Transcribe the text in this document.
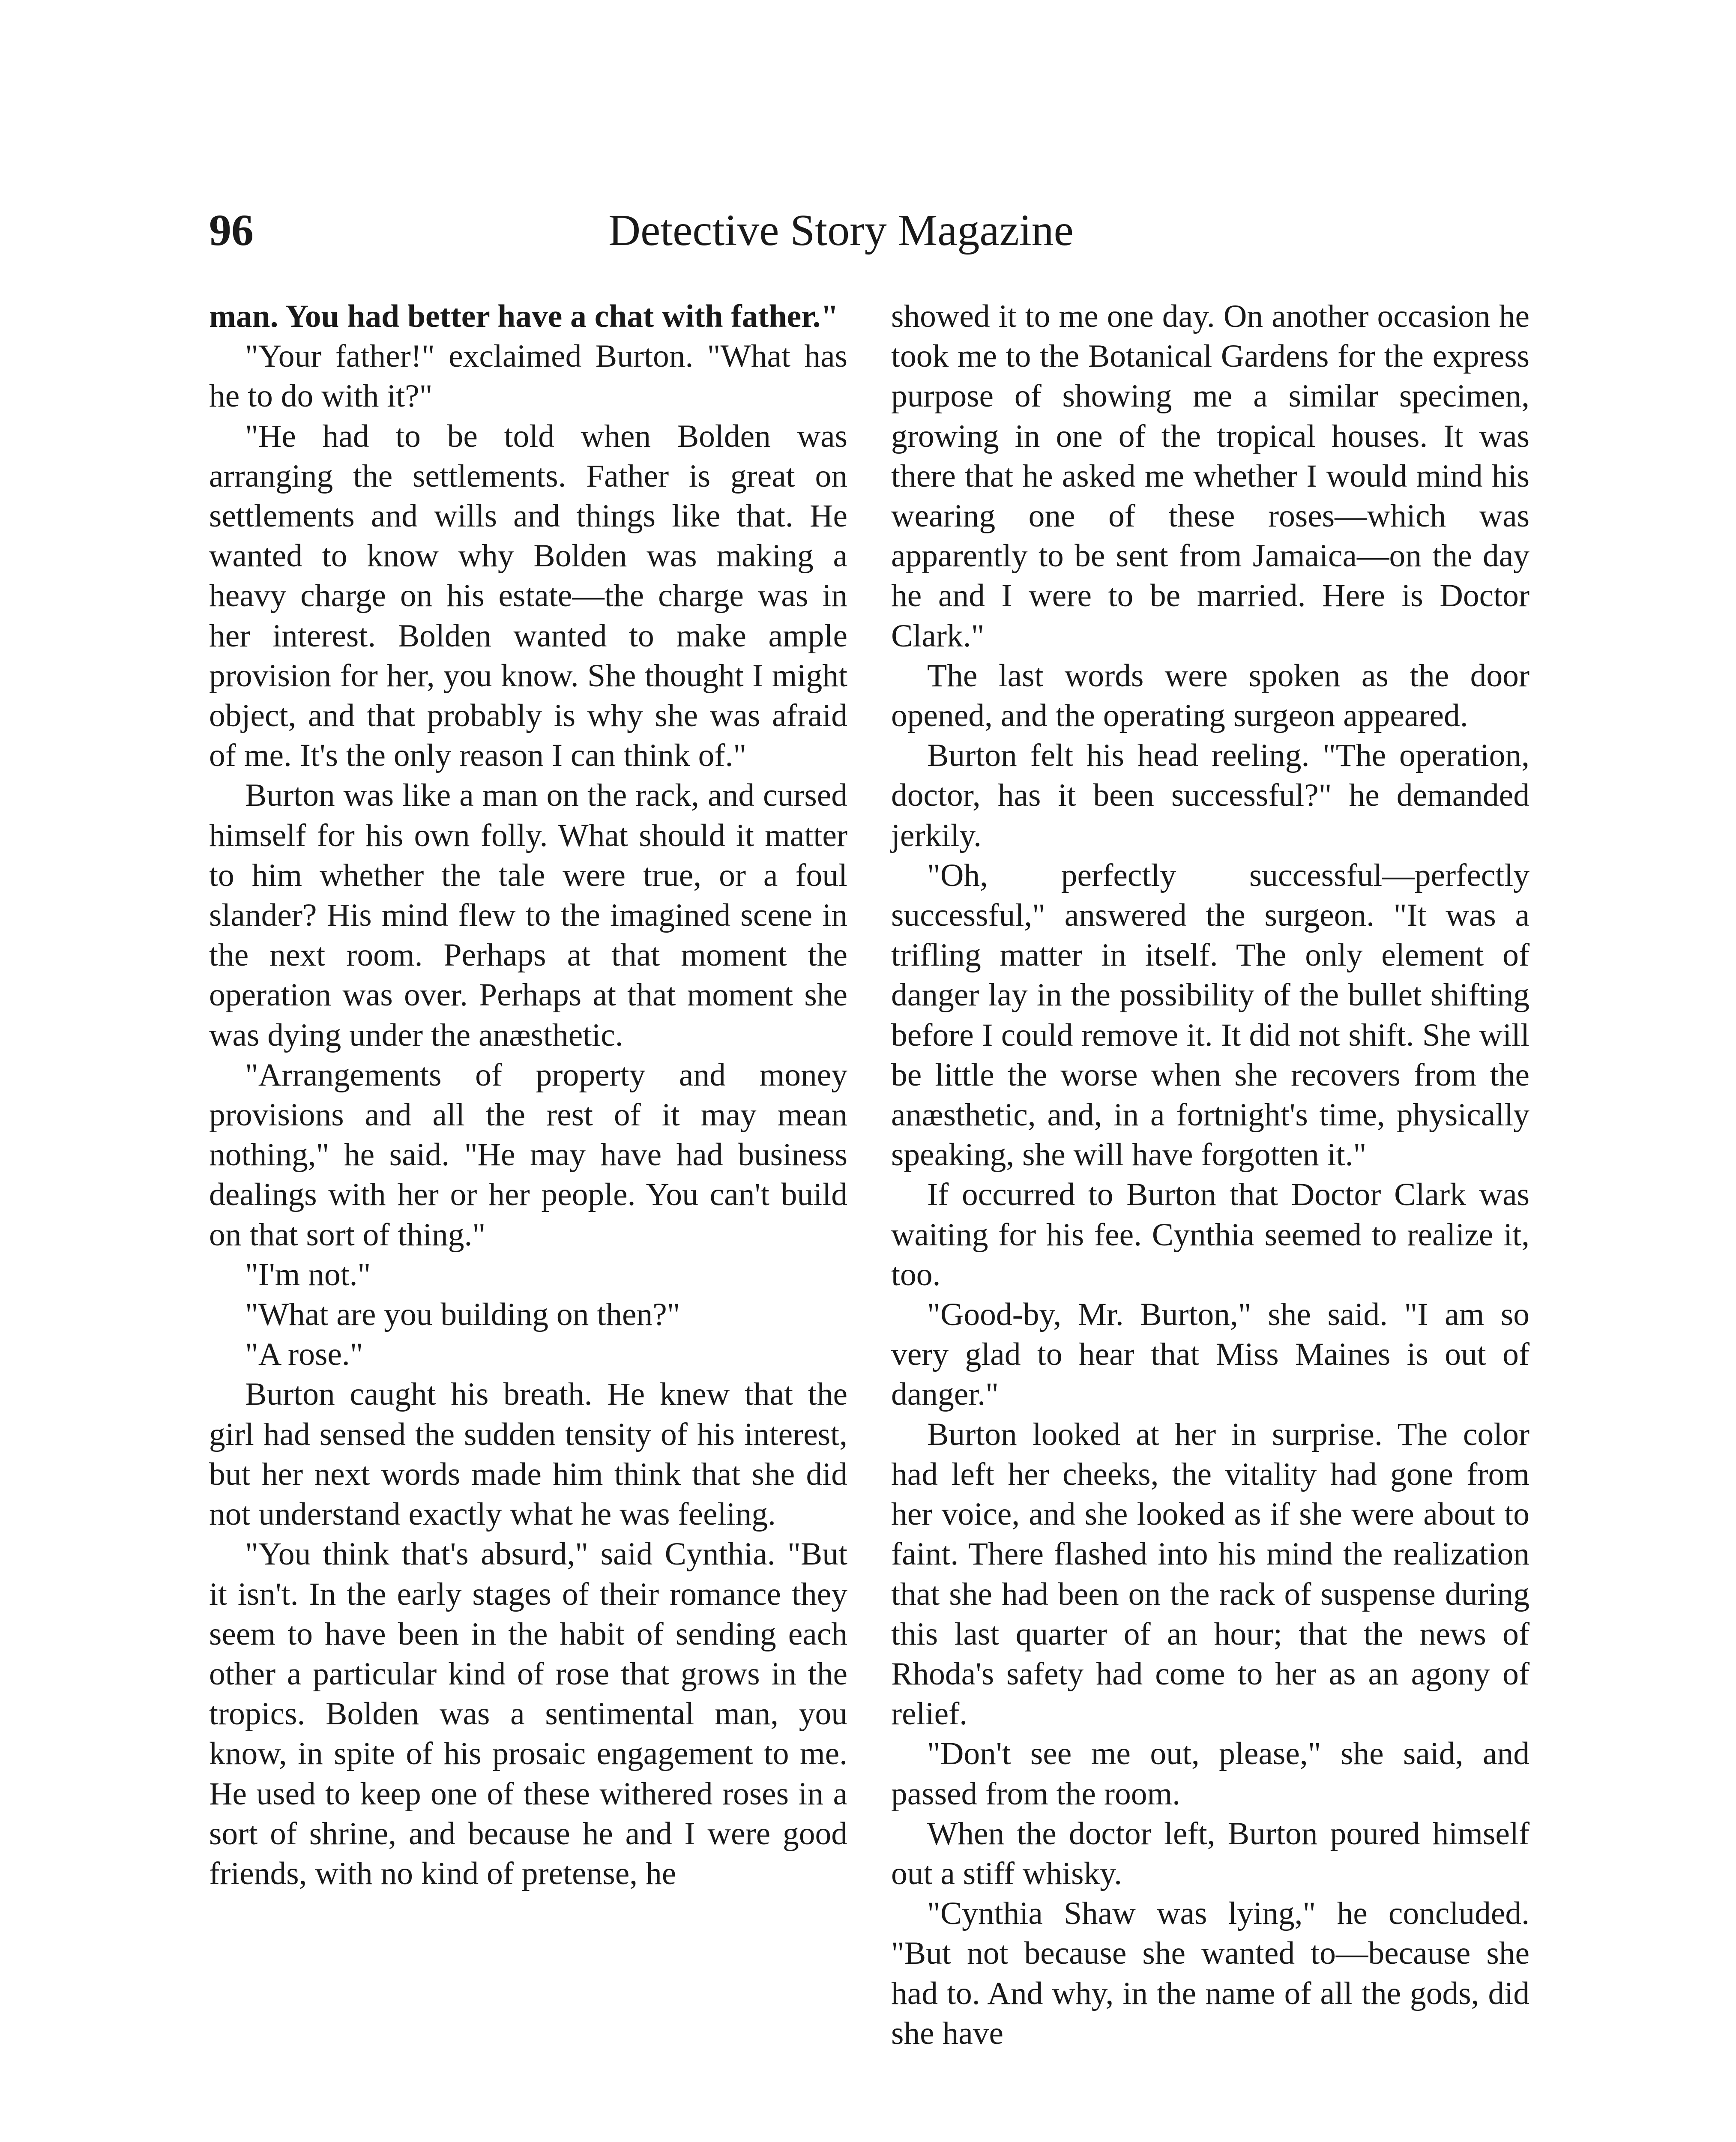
96	Detective Story Magazine

man. You had better have a chat with father."

"Your father!" exclaimed Burton. "What has he to do with it?"

"He had to be told when Bolden was arranging the settlements. Father is great on settlements and wills and things like that. He wanted to know why Bolden was making a heavy charge on his estate—the charge was in her interest. Bolden wanted to make ample provision for her, you know. She thought I might object, and that probably is why she was afraid of me. It's the only reason I can think of."

Burton was like a man on the rack, and cursed himself for his own folly. What should it matter to him whether the tale were true, or a foul slander? His mind flew to the imagined scene in the next room. Perhaps at that moment the operation was over. Perhaps at that moment she was dying under the anæsthetic.

"Arrangements of property and money provisions and all the rest of it may mean nothing," he said. "He may have had business dealings with her or her people. You can't build on that sort of thing."

"I'm not."

"What are you building on then?"

"A rose."

Burton caught his breath. He knew that the girl had sensed the sudden tensity of his interest, but her next words made him think that she did not understand exactly what he was feeling.

"You think that's absurd," said Cynthia. "But it isn't. In the early stages of their romance they seem to have been in the habit of sending each other a particular kind of rose that grows in the tropics. Bolden was a sentimental man, you know, in spite of his prosaic engagement to me. He used to keep one of these withered roses in a sort of shrine, and because he and I were good friends, with no kind of pretense, he

showed it to me one day. On another occasion he took me to the Botanical Gardens for the express purpose of showing me a similar specimen, growing in one of the tropical houses. It was there that he asked me whether I would mind his wearing one of these roses—which was apparently to be sent from Jamaica—on the day he and I were to be married. Here is Doctor Clark."

The last words were spoken as the door opened, and the operating surgeon appeared.

Burton felt his head reeling. "The operation, doctor, has it been successful?" he demanded jerkily.

"Oh, perfectly successful—perfectly successful," answered the surgeon. "It was a trifling matter in itself. The only element of danger lay in the possibility of the bullet shifting before I could remove it. It did not shift. She will be little the worse when she recovers from the anæsthetic, and, in a fortnight's time, physically speaking, she will have forgotten it."

If occurred to Burton that Doctor Clark was waiting for his fee. Cynthia seemed to realize it, too.

"Good-by, Mr. Burton," she said. "I am so very glad to hear that Miss Maines is out of danger."

Burton looked at her in surprise. The color had left her cheeks, the vitality had gone from her voice, and she looked as if she were about to faint. There flashed into his mind the realization that she had been on the rack of suspense during this last quarter of an hour; that the news of Rhoda's safety had come to her as an agony of relief.

"Don't see me out, please," she said, and passed from the room.

When the doctor left, Burton poured himself out a stiff whisky.

"Cynthia Shaw was lying," he concluded. "But not because she wanted to—because she had to. And why, in the name of all the gods, did she have
